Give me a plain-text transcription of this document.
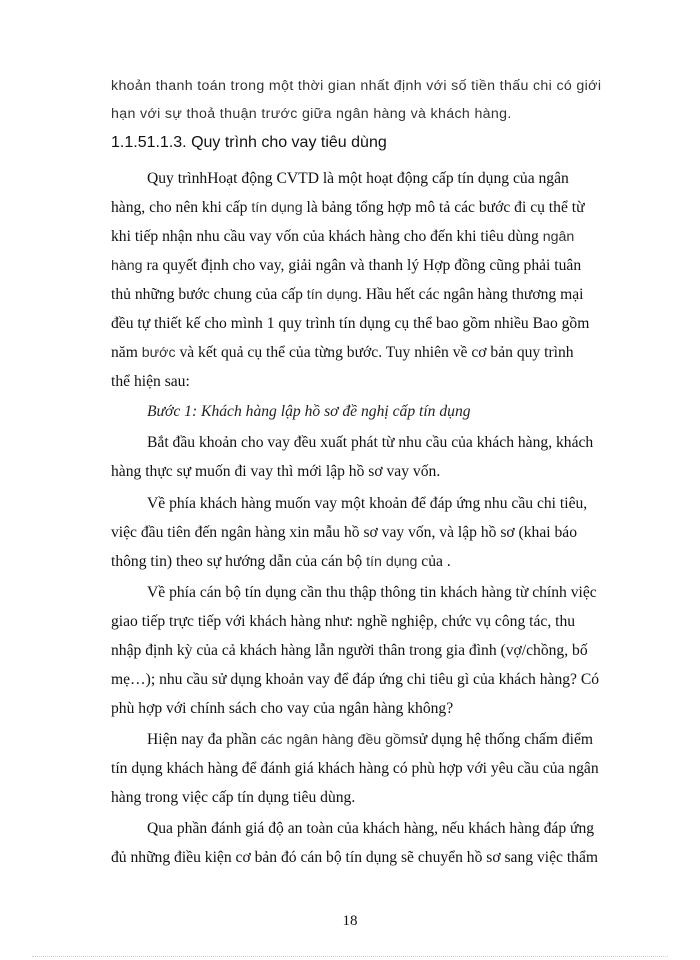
khoản thanh toán trong một thời gian nhất định với số tiền thấu chi có giới
hạn với sự thoả thuận trước giữa ngân hàng và khách hàng.
1.1.51.1.3. Quy trình cho vay tiêu dùng
Quy trìnhHoạt động CVTD là một hoạt động cấp tín dụng của ngân
hàng, cho nên khi cấp tín dụng là bảng tổng hợp mô tả các bước đi cụ thể từ
khi tiếp nhận nhu cầu vay vốn của khách hàng cho đến khi tiêu dùng ngân
hàng ra quyết định cho vay, giải ngân và thanh lý Hợp đồng cũng phải tuân
thủ những bước chung của cấp tín dụng. Hầu hết các ngân hàng thương mại
đều tự thiết kế cho mình 1 quy trình tín dụng cụ thể bao gồm nhiều Bao gồm
năm bước và kết quả cụ thể của từng bước. Tuy nhiên về cơ bản quy trình
thể hiện sau:
Bước 1: Khách hàng lập hồ sơ đề nghị cấp tín dụng
Bắt đầu khoản cho vay đều xuất phát từ nhu cầu của khách hàng, khách
hàng thực sự muốn đi vay thì mới lập hồ sơ vay vốn.
Về phía khách hàng muốn vay một khoản để đáp ứng nhu cầu chi tiêu,
việc đầu tiên đến ngân hàng xin mẫu hồ sơ vay vốn, và lập hồ sơ (khai báo
thông tin) theo sự hướng dẫn của cán bộ tín dụng của .
Về phía cán bộ tín dụng cần thu thập thông tin khách hàng từ chính việc
giao tiếp trực tiếp với khách hàng như: nghề nghiệp, chức vụ công tác, thu
nhập định kỳ của cả khách hàng lẫn người thân trong gia đình (vợ/chồng, bố
mẹ…); nhu cầu sử dụng khoản vay để đáp ứng chi tiêu gì của khách hàng? Có
phù hợp với chính sách cho vay của ngân hàng không?
Hiện nay đa phần các ngân hàng đều gồmsử dụng hệ thống chấm điểm
tín dụng khách hàng để đánh giá khách hàng có phù hợp với yêu cầu của ngân
hàng trong việc cấp tín dụng tiêu dùng.
Qua phần đánh giá độ an toàn của khách hàng, nếu khách hàng đáp ứng
đủ những điều kiện cơ bản đó cán bộ tín dụng sẽ chuyển hồ sơ sang việc thẩm
18
